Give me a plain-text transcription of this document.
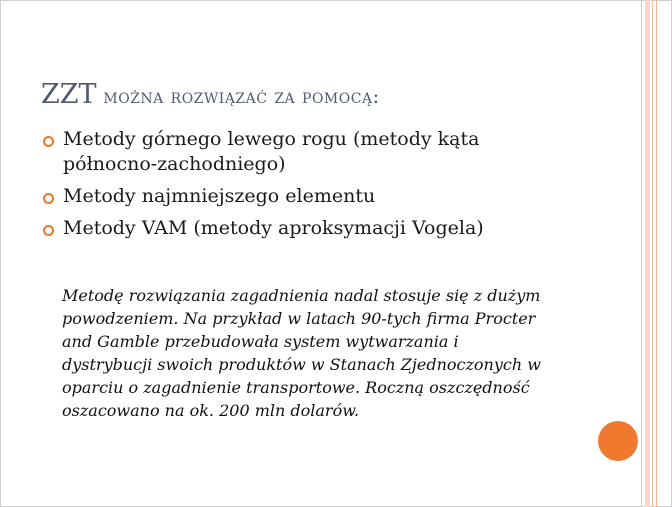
ZZT można rozwiązać za pomocą:
Metody górnego lewego rogu (metody kąta
północno-zachodniego)
Metody najmniejszego elementu
Metody VAM (metody aproksymacji Vogela)

Metodę rozwiązania zagadnienia nadal stosuje się z dużym
powodzeniem. Na przykład w latach 90-tych firma Procter
and Gamble przebudowała system wytwarzania i
dystrybucji swoich produktów w Stanach Zjednoczonych w
oparciu o zagadnienie transportowe. Roczną oszczędność
oszacowano na ok. 200 mln dolarów.
